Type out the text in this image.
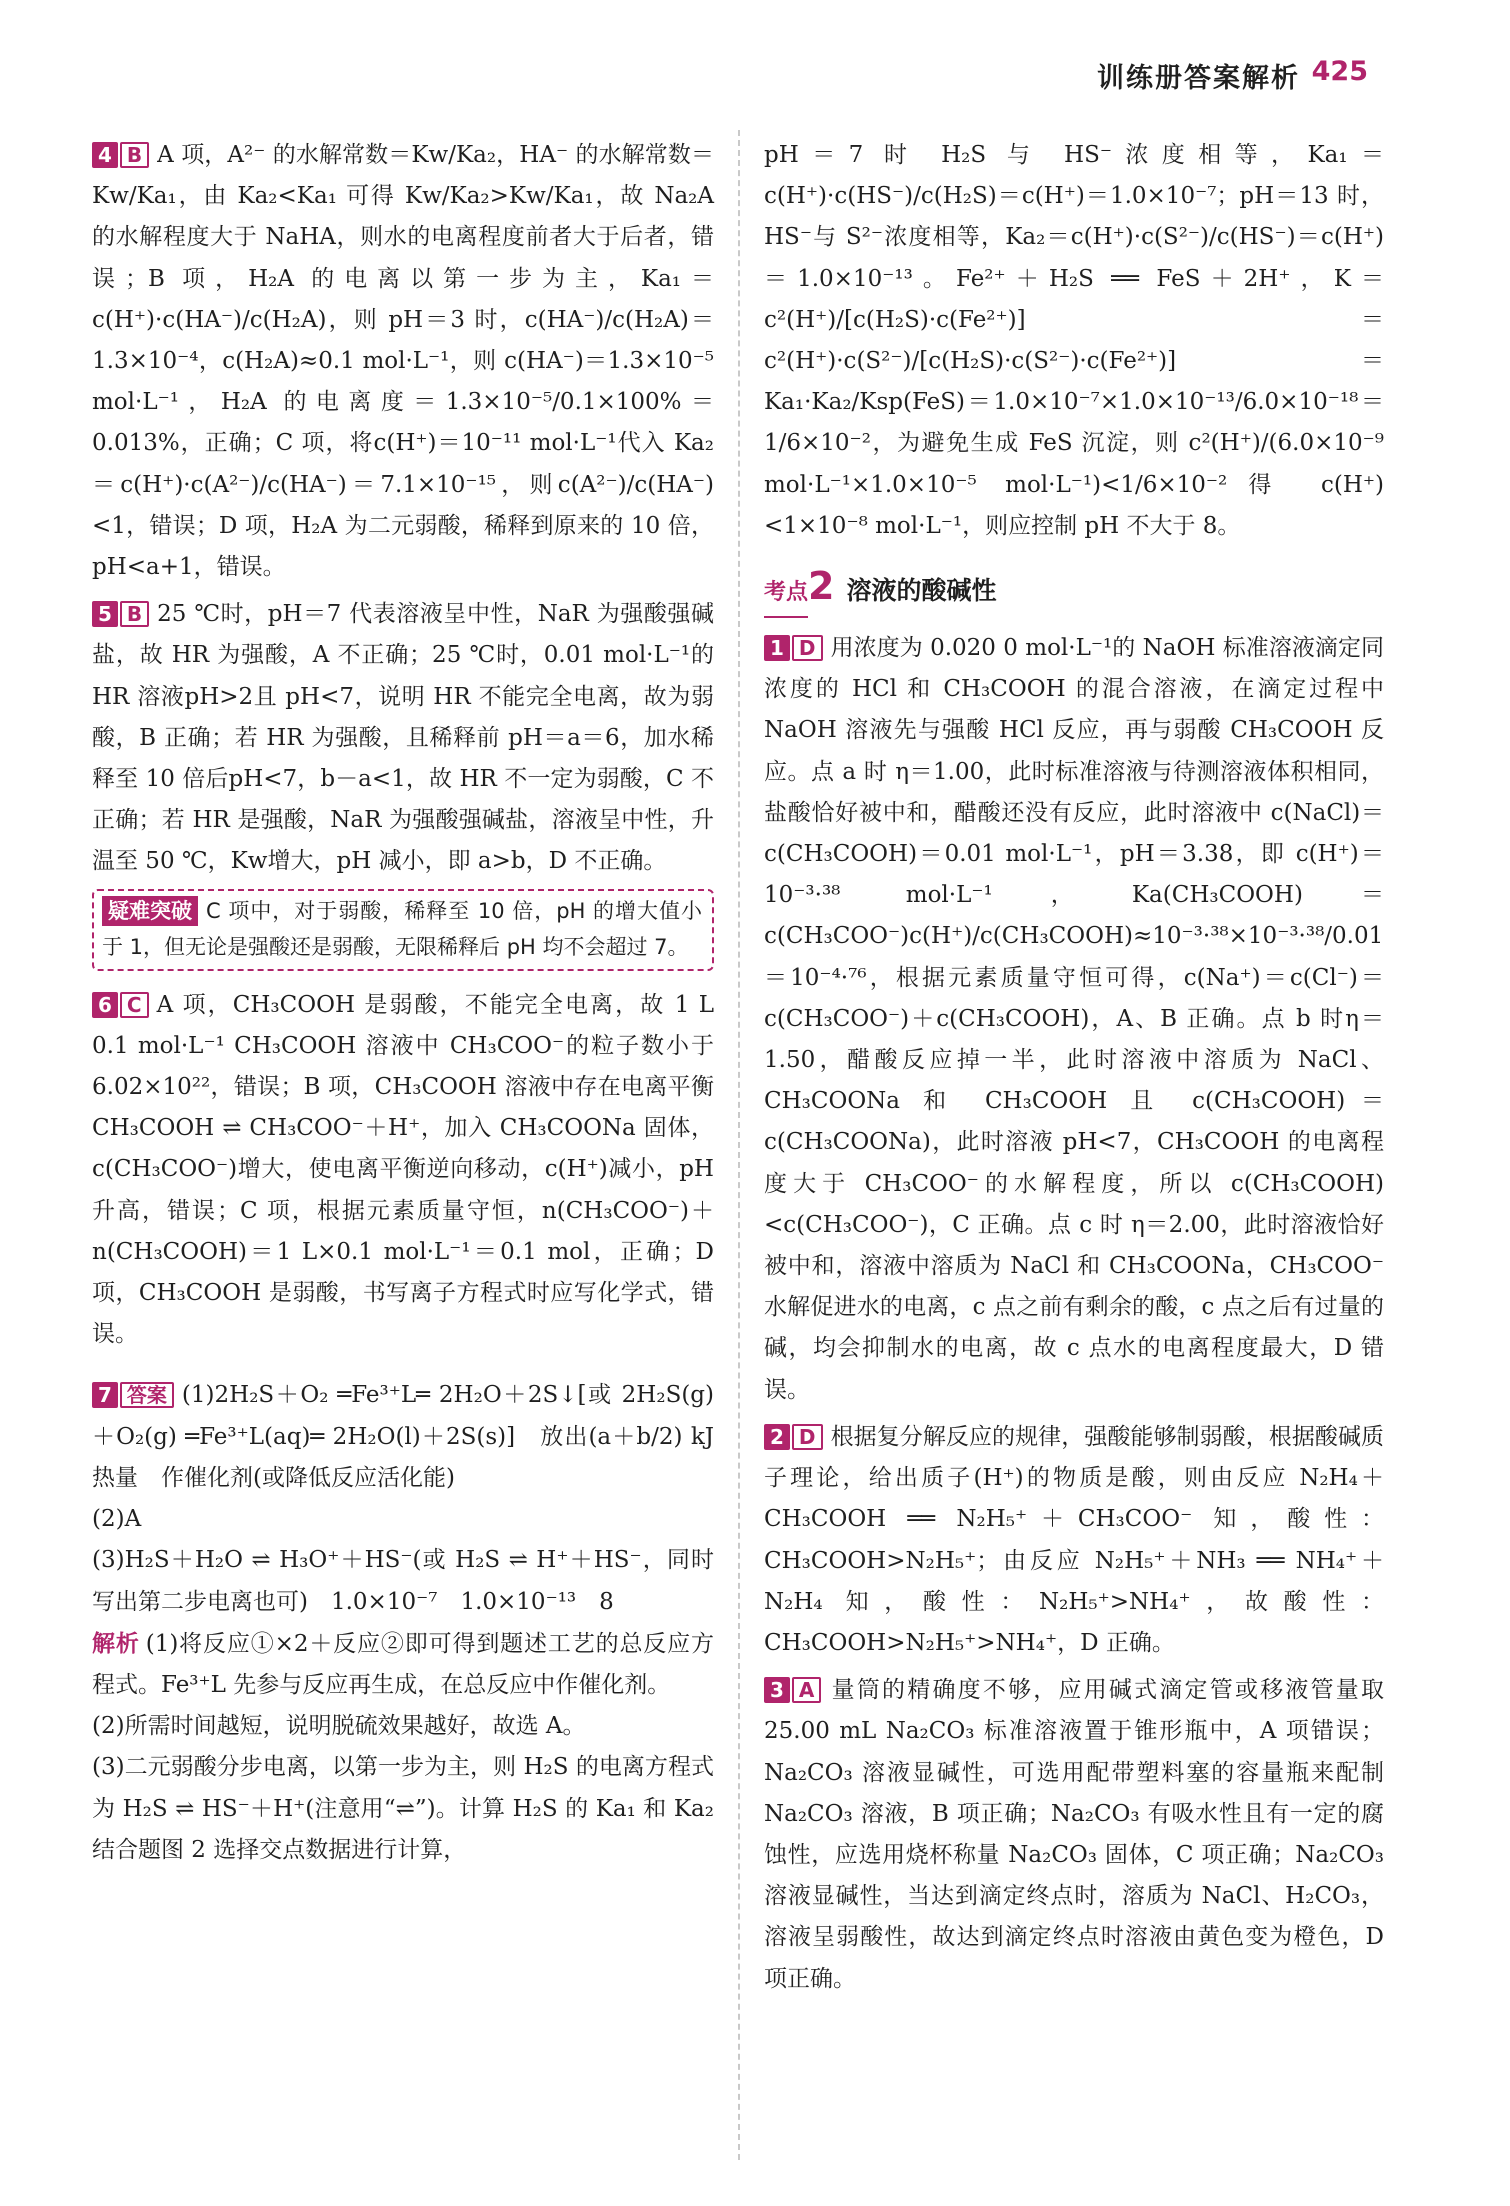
训练册答案解析 425

4 B A 项，A²⁻ 的水解常数＝Kw/Ka₂，HA⁻ 的水解常数＝Kw/Ka₁，由 Ka₂<Ka₁ 可得 Kw/Ka₂>Kw/Ka₁，故 Na₂A 的水解程度大于 NaHA，则水的电离程度前者大于后者，错误；B 项，H₂A 的电离以第一步为主，Ka₁＝c(H⁺)·c(HA⁻)/c(H₂A)，则 pH＝3 时，c(HA⁻)/c(H₂A)＝1.3×10⁻⁴，c(H₂A)≈0.1 mol·L⁻¹，则 c(HA⁻)＝1.3×10⁻⁵ mol·L⁻¹，H₂A 的电离度＝1.3×10⁻⁵/0.1×100%＝0.013%，正确；C 项，将c(H⁺)＝10⁻¹¹ mol·L⁻¹代入 Ka₂＝c(H⁺)·c(A²⁻)/c(HA⁻)＝7.1×10⁻¹⁵，则c(A²⁻)/c(HA⁻)<1，错误；D 项，H₂A 为二元弱酸，稀释到原来的 10 倍，pH<a+1，错误。

5 B 25 ℃时，pH＝7 代表溶液呈中性，NaR 为强酸强碱盐，故 HR 为强酸，A 不正确；25 ℃时，0.01 mol·L⁻¹的 HR 溶液pH>2且 pH<7，说明 HR 不能完全电离，故为弱酸，B 正确；若 HR 为强酸，且稀释前 pH＝a＝6，加水稀释至 10 倍后pH<7，b－a<1，故 HR 不一定为弱酸，C 不正确；若 HR 是强酸，NaR 为强酸强碱盐，溶液呈中性，升温至 50 ℃，Kw增大，pH 减小，即 a>b，D 不正确。

疑难突破 C 项中，对于弱酸，稀释至 10 倍，pH 的增大值小于 1，但无论是强酸还是弱酸，无限稀释后 pH 均不会超过 7。

6 C A 项，CH₃COOH 是弱酸，不能完全电离，故 1 L 0.1 mol·L⁻¹ CH₃COOH 溶液中 CH₃COO⁻的粒子数小于 6.02×10²²，错误；B 项，CH₃COOH 溶液中存在电离平衡 CH₃COOH ⇌ CH₃COO⁻＋H⁺，加入 CH₃COONa 固体，c(CH₃COO⁻)增大，使电离平衡逆向移动，c(H⁺)减小，pH 升高，错误；C 项，根据元素质量守恒，n(CH₃COO⁻)＋n(CH₃COOH)＝1 L×0.1 mol·L⁻¹＝0.1 mol，正确；D 项，CH₃COOH 是弱酸，书写离子方程式时应写化学式，错误。

7 答案 (1)2H₂S＋O₂ ═Fe³⁺L═ 2H₂O＋2S↓[或 2H₂S(g)＋O₂(g) ═Fe³⁺L(aq)═ 2H₂O(l)＋2S(s)]　放出(a＋b/2) kJ 热量　作催化剂(或降低反应活化能)

(2)A

(3)H₂S＋H₂O ⇌ H₃O⁺＋HS⁻(或 H₂S ⇌ H⁺＋HS⁻，同时写出第二步电离也可)　1.0×10⁻⁷　1.0×10⁻¹³　8

解析 (1)将反应①×2＋反应②即可得到题述工艺的总反应方程式。Fe³⁺L 先参与反应再生成，在总反应中作催化剂。

(2)所需时间越短，说明脱硫效果越好，故选 A。

(3)二元弱酸分步电离，以第一步为主，则 H₂S 的电离方程式为 H₂S ⇌ HS⁻＋H⁺(注意用“⇌”)。计算 H₂S 的 Ka₁ 和 Ka₂ 结合题图 2 选择交点数据进行计算，

pH＝7 时 H₂S 与 HS⁻浓度相等，Ka₁＝c(H⁺)·c(HS⁻)/c(H₂S)＝c(H⁺)＝1.0×10⁻⁷；pH＝13 时，HS⁻与 S²⁻浓度相等，Ka₂＝c(H⁺)·c(S²⁻)/c(HS⁻)＝c(H⁺)＝1.0×10⁻¹³。Fe²⁺＋H₂S ══ FeS＋2H⁺，K＝c²(H⁺)/[c(H₂S)·c(Fe²⁺)]＝c²(H⁺)·c(S²⁻)/[c(H₂S)·c(S²⁻)·c(Fe²⁺)]＝Ka₁·Ka₂/Ksp(FeS)＝1.0×10⁻⁷×1.0×10⁻¹³/6.0×10⁻¹⁸＝1/6×10⁻²，为避免生成 FeS 沉淀，则 c²(H⁺)/(6.0×10⁻⁹ mol·L⁻¹×1.0×10⁻⁵ mol·L⁻¹)<1/6×10⁻²得 c(H⁺)<1×10⁻⁸ mol·L⁻¹，则应控制 pH 不大于 8。

考点2 溶液的酸碱性

1 D 用浓度为 0.020 0 mol·L⁻¹的 NaOH 标准溶液滴定同浓度的 HCl 和 CH₃COOH 的混合溶液，在滴定过程中 NaOH 溶液先与强酸 HCl 反应，再与弱酸 CH₃COOH 反应。点 a 时 η＝1.00，此时标准溶液与待测溶液体积相同，盐酸恰好被中和，醋酸还没有反应，此时溶液中 c(NaCl)＝c(CH₃COOH)＝0.01 mol·L⁻¹，pH＝3.38，即 c(H⁺)＝10⁻³·³⁸ mol·L⁻¹，Ka(CH₃COOH)＝c(CH₃COO⁻)c(H⁺)/c(CH₃COOH)≈10⁻³·³⁸×10⁻³·³⁸/0.01＝10⁻⁴·⁷⁶，根据元素质量守恒可得，c(Na⁺)＝c(Cl⁻)＝c(CH₃COO⁻)＋c(CH₃COOH)，A、B 正确。点 b 时η＝1.50，醋酸反应掉一半，此时溶液中溶质为 NaCl、CH₃COONa 和 CH₃COOH 且 c(CH₃COOH)＝c(CH₃COONa)，此时溶液 pH<7，CH₃COOH 的电离程度大于 CH₃COO⁻的水解程度，所以 c(CH₃COOH)<c(CH₃COO⁻)，C 正确。点 c 时 η＝2.00，此时溶液恰好被中和，溶液中溶质为 NaCl 和 CH₃COONa，CH₃COO⁻水解促进水的电离，c 点之前有剩余的酸，c 点之后有过量的碱，均会抑制水的电离，故 c 点水的电离程度最大，D 错误。

2 D 根据复分解反应的规律，强酸能够制弱酸，根据酸碱质子理论，给出质子(H⁺)的物质是酸，则由反应 N₂H₄＋CH₃COOH ══ N₂H₅⁺＋CH₃COO⁻ 知，酸性：CH₃COOH>N₂H₅⁺；由反应 N₂H₅⁺＋NH₃ ══ NH₄⁺＋N₂H₄ 知，酸性：N₂H₅⁺>NH₄⁺，故酸性：CH₃COOH>N₂H₅⁺>NH₄⁺，D 正确。

3 A 量筒的精确度不够，应用碱式滴定管或移液管量取 25.00 mL Na₂CO₃ 标准溶液置于锥形瓶中，A 项错误；Na₂CO₃ 溶液显碱性，可选用配带塑料塞的容量瓶来配制 Na₂CO₃ 溶液，B 项正确；Na₂CO₃ 有吸水性且有一定的腐蚀性，应选用烧杯称量 Na₂CO₃ 固体，C 项正确；Na₂CO₃ 溶液显碱性，当达到滴定终点时，溶质为 NaCl、H₂CO₃，溶液呈弱酸性，故达到滴定终点时溶液由黄色变为橙色，D 项正确。
